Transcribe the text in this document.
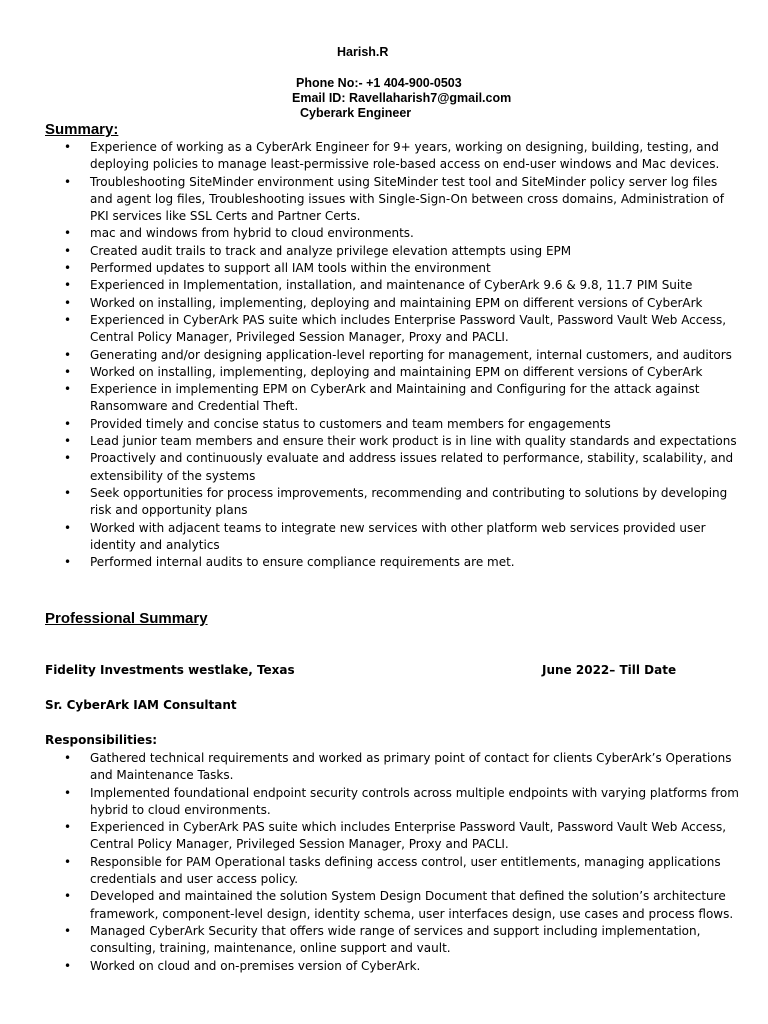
Harish.R
Phone No:- +1 404-900-0503
Email ID: Ravellaharish7@gmail.com
Cyberark Engineer
Summary:
• Experience of working as a CyberArk Engineer for 9+ years, working on designing, building, testing, and deploying policies to manage least-permissive role-based access on end-user windows and Mac devices.
• Troubleshooting SiteMinder environment using SiteMinder test tool and SiteMinder policy server log files and agent log files, Troubleshooting issues with Single-Sign-On between cross domains, Administration of PKI services like SSL Certs and Partner Certs.
• mac and windows from hybrid to cloud environments.
• Created audit trails to track and analyze privilege elevation attempts using EPM
• Performed updates to support all IAM tools within the environment
• Experienced in Implementation, installation, and maintenance of CyberArk 9.6 & 9.8, 11.7 PIM Suite
• Worked on installing, implementing, deploying and maintaining EPM on different versions of CyberArk
• Experienced in CyberArk PAS suite which includes Enterprise Password Vault, Password Vault Web Access, Central Policy Manager, Privileged Session Manager, Proxy and PACLI.
• Generating and/or designing application-level reporting for management, internal customers, and auditors
• Worked on installing, implementing, deploying and maintaining EPM on different versions of CyberArk
• Experience in implementing EPM on CyberArk and Maintaining and Configuring for the attack against Ransomware and Credential Theft.
• Provided timely and concise status to customers and team members for engagements
• Lead junior team members and ensure their work product is in line with quality standards and expectations
• Proactively and continuously evaluate and address issues related to performance, stability, scalability, and extensibility of the systems
• Seek opportunities for process improvements, recommending and contributing to solutions by developing risk and opportunity plans
• Worked with adjacent teams to integrate new services with other platform web services provided user identity and analytics
• Performed internal audits to ensure compliance requirements are met.
Professional Summary
Fidelity Investments westlake, Texas	June 2022– Till Date
Sr. CyberArk IAM Consultant
Responsibilities:
• Gathered technical requirements and worked as primary point of contact for clients CyberArk’s Operations and Maintenance Tasks.
• Implemented foundational endpoint security controls across multiple endpoints with varying platforms from hybrid to cloud environments.
• Experienced in CyberArk PAS suite which includes Enterprise Password Vault, Password Vault Web Access, Central Policy Manager, Privileged Session Manager, Proxy and PACLI.
• Responsible for PAM Operational tasks defining access control, user entitlements, managing applications credentials and user access policy.
• Developed and maintained the solution System Design Document that defined the solution’s architecture framework, component-level design, identity schema, user interfaces design, use cases and process flows.
• Managed CyberArk Security that offers wide range of services and support including implementation, consulting, training, maintenance, online support and vault.
• Worked on cloud and on-premises version of CyberArk.
